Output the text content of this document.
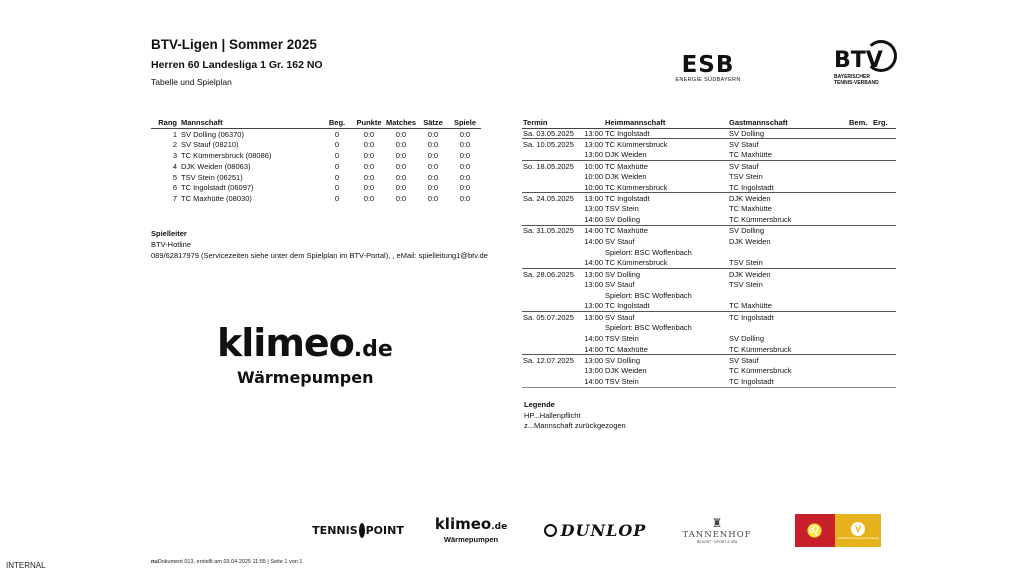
BTV-Ligen | Sommer 2025
Herren 60 Landesliga 1 Gr. 162 NO
Tabelle und Spielplan
ESB
ENERGIE SÜDBAYERN
BTV
BAYERISCHER
TENNIS-VERBAND
Rang	Mannschaft	Beg.	Punkte	Matches	Sätze	Spiele
1	SV Dolling (06370)	0	0:0	0:0	0:0	0:0
2	SV Stauf (08210)	0	0:0	0:0	0:0	0:0
3	TC Kümmersbruck (08086)	0	0:0	0:0	0:0	0:0
4	DJK Weiden (08063)	0	0:0	0:0	0:0	0:0
5	TSV Stein (06251)	0	0:0	0:0	0:0	0:0
6	TC Ingolstadt (06097)	0	0:0	0:0	0:0	0:0
7	TC Maxhütte (08030)	0	0:0	0:0	0:0	0:0
Spielleiter
BTV-Hotline
089/62817979 (Servicezeiten siehe unter dem Spielplan im BTV-Portal), , eMail: spielleitung1@btv.de
klimeo.de
Wärmepumpen
Termin		Heimmannschaft	Gastmannschaft	Bem.	Erg.
Sa. 03.05.2025	13:00	TC Ingolstadt	SV Dolling		
Sa. 10.05.2025	13:00	TC Kümmersbruck	SV Stauf		
	13:00	DJK Weiden	TC Maxhütte		
So. 18.05.2025	10:00	TC Maxhütte	SV Stauf		
	10:00	DJK Weiden	TSV Stein		
	10:00	TC Kümmersbruck	TC Ingolstadt		
Sa. 24.05.2025	13:00	TC Ingolstadt	DJK Weiden		
	13:00	TSV Stein	TC Maxhütte		
	14:00	SV Dolling	TC Kümmersbruck		
Sa. 31.05.2025	14:00	TC Maxhütte	SV Dolling		
	14:00	SV Stauf	DJK Weiden		
		Spielort: BSC Woffenbach			
	14:00	TC Kümmersbruck	TSV Stein		
Sa. 28.06.2025	13:00	SV Dolling	DJK Weiden		
	13:00	SV Stauf	TSV Stein		
		Spielort: BSC Woffenbach			
	13:00	TC Ingolstadt	TC Maxhütte		
Sa. 05.07.2025	13:00	SV Stauf	TC Ingolstadt		
		Spielort: BSC Woffenbach			
	14:00	TSV Stein	SV Dolling		
	14:00	TC Maxhütte	TC Kümmersbruck		
Sa. 12.07.2025	13:00	SV Dolling	SV Stauf		
	13:00	DJK Weiden	TC Kümmersbruck		
	14:00	TSV Stein	TC Ingolstadt		
Legende
HP...Hallenpflicht
z...Mannschaft zurückgezogen
TENNIS POINT klimeo.de
Wärmepumpen	DUNLOP	♜
TANNENHOF
RESORT · SPORT & SPA
♌	V
Deutsche Vermögensberatung
nuDokument 013, erstellt am 03.04.2025 11:55 | Seite 1 von 1
INTERNAL
